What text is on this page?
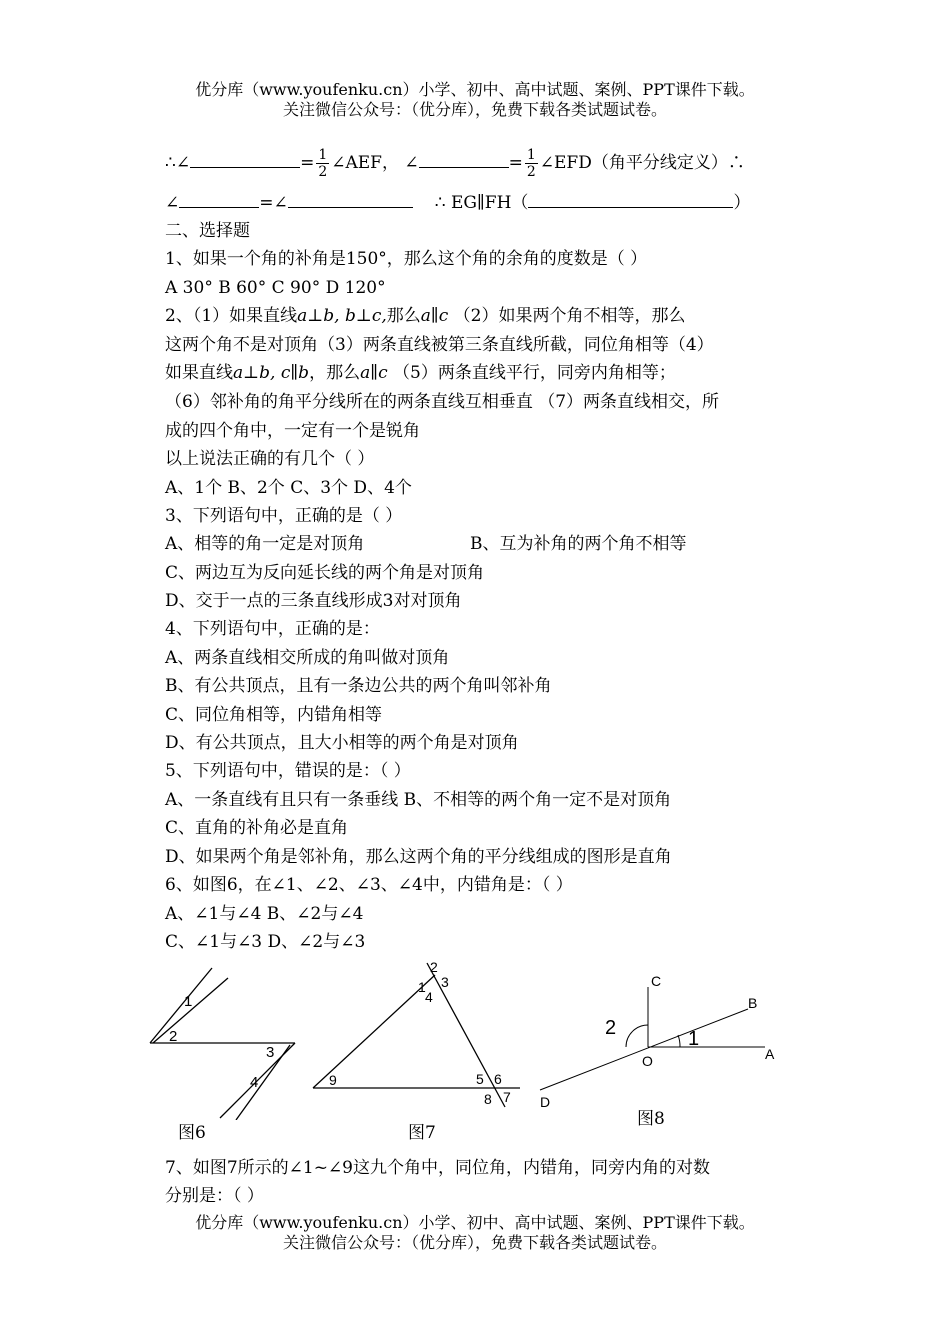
优分库（www.youfenku.cn）小学、初中、高中试题、案例、PPT课件下载。
关注微信公众号：（优分库），免费下载各类试题试卷。
∴∠	= $\frac{1}{2}$ ∠AEF， ∠	= $\frac{1}{2}$ ∠EFD（角平分线定义）∴
∠	=∠	∴ EG∥FH（	）
二、选择题
1、如果一个角的补角是150°，那么这个角的余角的度数是（ ）
A 30° B 60° C 90° D 120°
2、（1）如果直线a⊥b, b⊥c,那么a∥c （2）如果两个角不相等，那么
这两个角不是对顶角（3）两条直线被第三条直线所截，同位角相等（4）
如果直线a⊥b, c∥b，那么a∥c （5）两条直线平行，同旁内角相等；
（6）邻补角的角平分线所在的两条直线互相垂直 （7）两条直线相交，所
成的四个角中，一定有一个是锐角
以上说法正确的有几个（ ）
A、1个 B、2个 C、3个 D、4个
3、下列语句中，正确的是（ ）
A、相等的角一定是对顶角	B、互为补角的两个角不相等
C、两边互为反向延长线的两个角是对顶角
D、交于一点的三条直线形成3对对顶角
4、下列语句中，正确的是：
A、两条直线相交所成的角叫做对顶角
B、有公共顶点，且有一条边公共的两个角叫邻补角
C、同位角相等，内错角相等
D、有公共顶点，且大小相等的两个角是对顶角
5、下列语句中，错误的是：（ ）
A、一条直线有且只有一条垂线 B、不相等的两个角一定不是对顶角
C、直角的补角必是直角
D、如果两个角是邻补角，那么这两个角的平分线组成的图形是直角
6、如图6，在∠1、∠2、∠3、∠4中，内错角是：（ ）
A、∠1与∠4 B、∠2与∠4
C、∠1与∠3 D、∠2与∠3
1
2
3
4
图6
1
2
3
4
5 6
7
8
9
图7
C
B
A
O
D
1
2
图8
7、如图7所示的∠1~∠9这九个角中，同位角，内错角，同旁内角的对数
分别是：（ ）
优分库（www.youfenku.cn）小学、初中、高中试题、案例、PPT课件下载。
关注微信公众号：（优分库），免费下载各类试题试卷。
